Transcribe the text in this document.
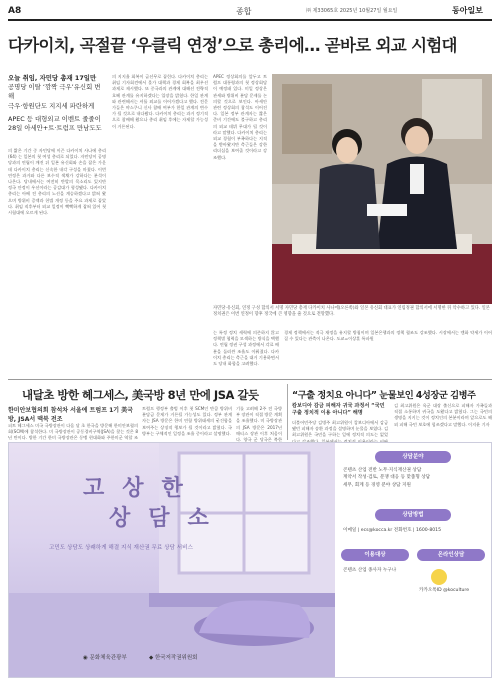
A8	종합	㈜ 제33065호 2025년 10월27일 월요일	동아일보
다카이치, 곡절끝 ‘우클릭 연정’으로 총리에… 곧바로 외교 시험대
오늘 취임, 자민당 총재 17일만
공명당 이탈 ‘깜짝 극우’유신회 변해
극우·항원단도 지지세 파란하게
APEC 등 대형외교 이벤트 줄줄이
28일 아세안+트·트럼프 만남도도
의 짧은 기간 중 자민당에 이끈 다카이치 사나에 총리 (64) 는 일본의 첫 여성 총리로 되었다. 자민당이 공명당과의 연립이 깨진 뒤 일본 유신회와 손을 잡은 가운데 다카이치 총리는 신속한 내각 구성을 마쳤다. 이번 연정은 과거와 다른 보수적 색채가 강하다는 분석이 나온다. 당내에서는 여전히 반발의 목소리도 있지만 정국 안정이 우선이라는 공감대가 형성됐다. 다카이치 총리는 아베 전 총리의 노선을 계승하겠다고 밝혀 왔으며 방위비 증액과 헌법 개정 등을 주요 과제로 꼽았다. 취임 직후부터 외교 일정이 빡빡하게 잡혀 있어 첫 시험대에 오르게 된다.
의 지지율 회복이 급선무로 꼽힌다. 다카이치 총리는 취임 기자회견에서 물가 대책과 경제 회복을 최우선 과제로 제시했다. 또 중국과의 관계에 대해선 전략적 호혜 관계를 유지하겠다는 입장을 밝혔다. 한일 관계와 관련해서는 셔틀 외교를 이어가겠다고 했다. 전문가들은 야스쿠니 신사 참배 여부가 한일 관계의 변수가 될 것으로 내다봤다. 다카이치 총리는 과거 정기적으로 참배해 왔으나 총리 취임 후에는 자제할 가능성이 거론된다.
APEC 정상회의를 앞두고 트럼프 대통령과의 첫 정상회담이 예정돼 있다. 미일 정상은 관세와 방위비 분담 문제를 논의할 것으로 보인다. 아세안 관련 정상회의 참석도 이어진다. 일본 정부 관계자는 짧은 준비 기간에도 불구하고 총리의 외교 데뷔 무대가 될 것이라고 말했다. 다카이치 총리는 외교 경험이 부족하다는 지적을 받아왔지만 측근들은 강한 리더십을 보여줄 것이라고 강조했다.
자민당·유신회, 연정 구성 합의서 서명 자민당 총재 다카이치 사나에(오른쪽)와 일본 유신회 대표가 연립정권 합의서에 서명한 뒤 악수하고 있다. 일본 정치권은 이번 연정이 향후 정국에 큰 영향을 줄 것으로 전망했다.
는 특정 정치 세력에 의존하지 않고 정책별 협력을 모색하는 방식을 택했다. 연립 정권 구성 과정에서 각료 배분을 둘러싼 조율도 이뤄졌다. 다카이치 총리는 측근을 대거 기용하면서도 당내 화합을 고려했다.
경제 정책에서는 적극 재정을 유지할 방침이며 일본은행과의 정책 협조도 강조했다. 시장에서는 엔화 약세가 이어질 수 있다는 관측이 나온다. 도쿄=이상훈 특파원
내달초 방한 헤그세스, 美국방 8년 만에 JSA 갈듯
한미안보협의회 참석차 서울에 트럼프 1기 美국방, JSA서 맥북 전조
피트 헤그세스 미국 국방장관이 다음 달 초 한국을 방문해 한미안보협의회(SCM)에 참석한다. 미 국방장관이 공동경비구역(JSA)을 찾는 것은 8년 만이다. 방한 기간 한미 국방장관은 동맹 현대화와 주한미군 역할 조
트럼프 행정부 출범 이후 첫 SCM인 만큼 방위비 분담금 문제가 거론될 가능성도 있다. 정부 관계자는 JSA 방문은 한미 연합 방위태세의 굳건함을 보여주는 상징적 행보가 될 것이라고 밝혔다. 국방부는 구체적인 일정을 조율 중이라고 설명했다.
기를 고려해 2주 전 국방부 장관이 직접 방문 계획을 조율했다. 미 국방장관의 JSA 방문은 2017년 매티스 장관 이후 처음이다. 양국 군 당국은 북한
“구출 정치요 아니다” 눈물보인 4성장군 김병주
캄보디아 감금 피해자 귀국 과정서 “국민 구출 정치적 이용 아니다” 해명
더불어민주당 김병주 최고위원이 캄보디아에서 감금됐던 피해자 송환 과정을 설명하며 눈물을 보였다. 김 최고위원은 국민을 구하는 일에 정치적 의도는 없었
김 최고위원은 육군 대장 출신으로 피해자 가족들과 직접 소통하며 귀국을 도왔다고 밝혔다. 그는 국민의 생명을 지키는 것이 정치인의 본분이라며 앞으로도 해외 피해 국민 보호에 힘쓰겠다고 말했다. 이지윤 기자
고상한
상담소
고민도 상담도 상쾌하게 해결 지식 재산권 무료 상담 서비스
◉ 문화체육관광부	◆ 한국저작권위원회
상담분야
콘텐츠 산업 전반 노무·지식재산권 상담
계약서 작성·검토, 분쟁 대응 등 맞춤형 상담
세무, 회계 등 경영 분야 상담 지원
상담방법
이메일 | ecs@kocca.kr 전화번호 | 1600-8015
이용대상	온라인상담
콘텐츠 산업 종사자 누구나
카카오톡ID @koculture
